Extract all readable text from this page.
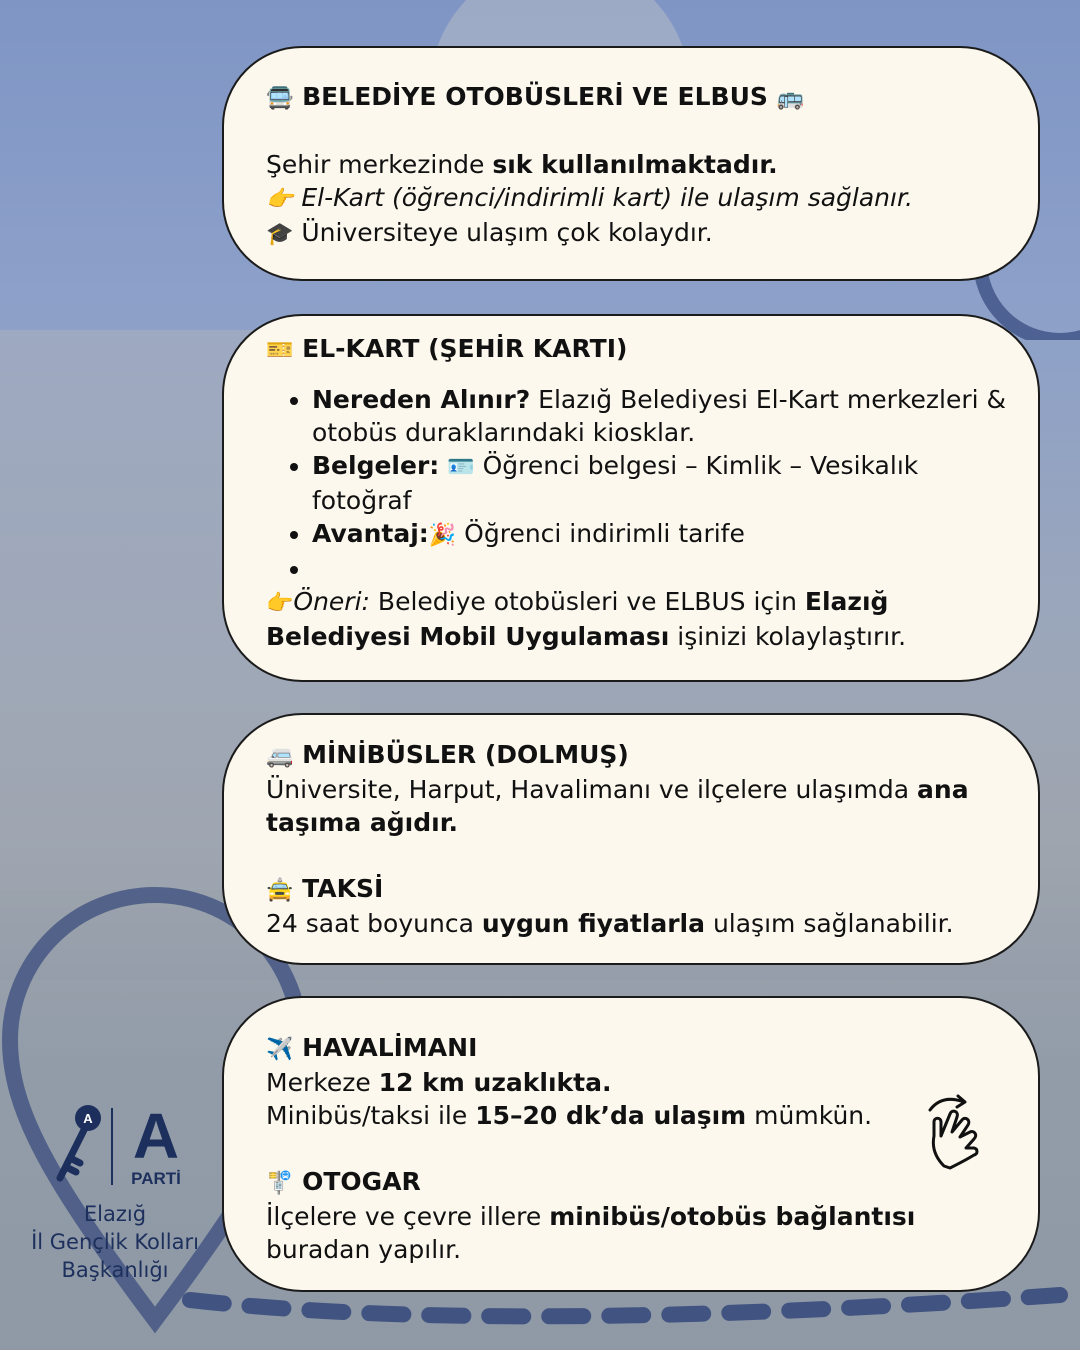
A A
PARTİ
Elazığ
İl Gençlik Kolları
Başkanlığı
🚍 BELEDİYE OTOBÜSLERİ VE ELBUS 🚌
Şehir merkezinde sık kullanılmaktadır.
👉 El-Kart (öğrenci/indirimli kart) ile ulaşım sağlanır.
🎓 Üniversiteye ulaşım çok kolaydır.
🎫 EL-KART (ŞEHİR KARTI)
• Nereden Alınır? Elazığ Belediyesi El-Kart merkezleri & otobüs duraklarındaki kiosklar.
• Belgeler: 🪪 Öğrenci belgesi – Kimlik – Vesikalık fotoğraf
• Avantaj:🎉 Öğrenci indirimli tarife
•
👉Öneri: Belediye otobüsleri ve ELBUS için Elazığ Belediyesi Mobil Uygulaması işinizi kolaylaştırır.
🚐 MİNİBÜSLER (DOLMUŞ)
Üniversite, Harput, Havalimanı ve ilçelere ulaşımda ana taşıma ağıdır.
🚖 TAKSİ
24 saat boyunca uygun fiyatlarla ulaşım sağlanabilir.
✈️ HAVALİMANI
Merkeze 12 km uzaklıkta.
Minibüs/taksi ile 15–20 dk’da ulaşım mümkün.
🚏 OTOGAR
İlçelere ve çevre illere minibüs/otobüs bağlantısı buradan yapılır.
